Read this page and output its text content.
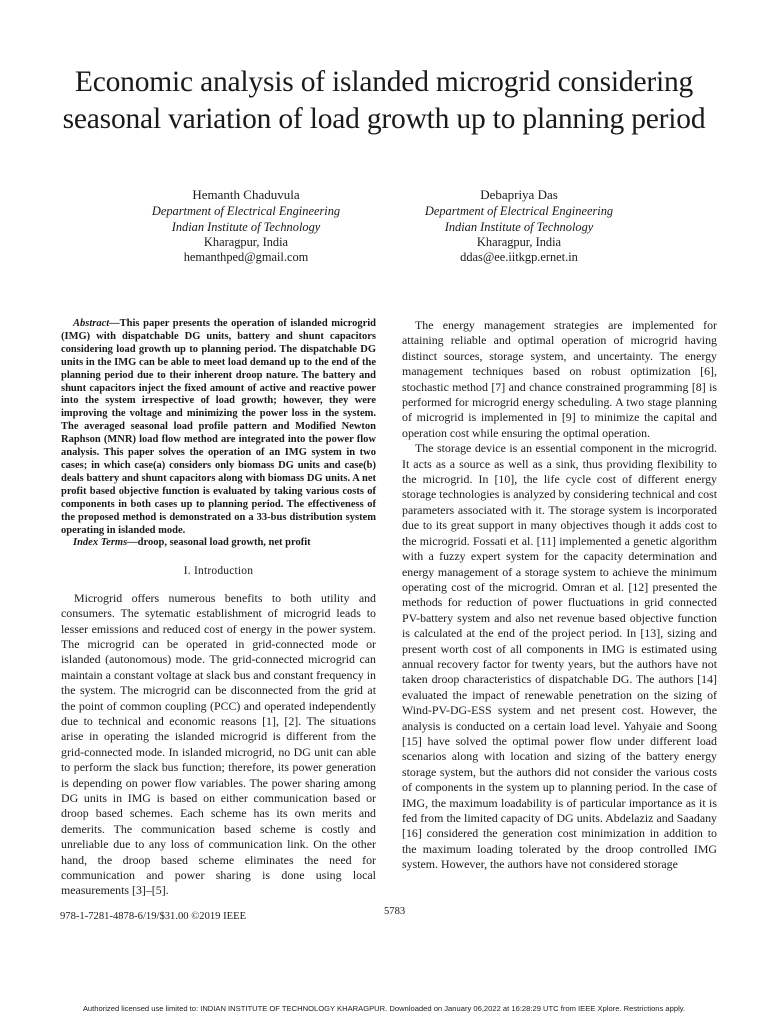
Economic analysis of islanded microgrid considering seasonal variation of load growth up to planning period
Hemanth Chaduvula
Department of Electrical Engineering
Indian Institute of Technology
Kharagpur, India
hemanthped@gmail.com
Debapriya Das
Department of Electrical Engineering
Indian Institute of Technology
Kharagpur, India
ddas@ee.iitkgp.ernet.in

Abstract—This paper presents the operation of islanded microgrid (IMG) with dispatchable DG units, battery and shunt capacitors considering load growth up to planning period. The dispatchable DG units in the IMG can be able to meet load demand up to the end of the planning period due to their inherent droop nature. The battery and shunt capacitors inject the fixed amount of active and reactive power into the system irrespective of load growth; however, they were improving the voltage and minimizing the power loss in the system. The averaged seasonal load profile pattern and Modified Newton Raphson (MNR) load flow method are integrated into the power flow analysis. This paper solves the operation of an IMG system in two cases; in which case(a) considers only biomass DG units and case(b) deals battery and shunt capacitors along with biomass DG units. A net profit based objective function is evaluated by taking various costs of components in both cases up to planning period. The effectiveness of the proposed method is demonstrated on a 33-bus distribution system operating in islanded mode.

Index Terms—droop, seasonal load growth, net profit

I. Introduction

Microgrid offers numerous benefits to both utility and consumers. The sytematic establishment of microgrid leads to lesser emissions and reduced cost of energy in the power system. The microgrid can be operated in grid-connected mode or islanded (autonomous) mode. The grid-connected microgrid can maintain a constant voltage at slack bus and constant frequency in the system. The microgrid can be disconnected from the grid at the point of common coupling (PCC) and operated independently due to technical and economic reasons [1], [2]. The situations arise in operating the islanded microgrid is different from the grid-connected mode. In islanded microgrid, no DG unit can able to perform the slack bus function; therefore, its power generation is depending on power flow variables. The power sharing among DG units in IMG is based on either communication based or droop based schemes. Each scheme has its own merits and demerits. The communication based scheme is costly and unreliable due to any loss of communication link. On the other hand, the droop based scheme eliminates the need for communication and power sharing is done using local measurements [3]–[5].

The energy management strategies are implemented for attaining reliable and optimal operation of microgrid having distinct sources, storage system, and uncertainty. The energy management techniques based on robust optimization [6], stochastic method [7] and chance constrained programming [8] is performed for microgrid energy scheduling. A two stage planning of microgrid is implemented in [9] to minimize the capital and operation cost while ensuring the optimal operation.

The storage device is an essential component in the microgrid. It acts as a source as well as a sink, thus providing flexibility to the microgrid. In [10], the life cycle cost of different energy storage technologies is analyzed by considering technical and cost parameters associated with it. The storage system is incorporated due to its great support in many objectives though it adds cost to the microgrid. Fossati et al. [11] implemented a genetic algorithm with a fuzzy expert system for the capacity determination and energy management of a storage system to achieve the minimum operating cost of the microgrid. Omran et al. [12] presented the methods for reduction of power fluctuations in grid connected PV-battery system and also net revenue based objective function is calculated at the end of the project period. In [13], sizing and present worth cost of all components in IMG is estimated using annual recovery factor for twenty years, but the authors have not taken droop characteristics of dispatchable DG. The authors [14] evaluated the impact of renewable penetration on the sizing of Wind-PV-DG-ESS system and net present cost. However, the analysis is conducted on a certain load level. Yahyaie and Soong [15] have solved the optimal power flow under different load scenarios along with location and sizing of the battery energy storage system, but the authors did not consider the various costs of components in the system up to planning period. In the case of IMG, the maximum loadability is of particular importance as it is fed from the limited capacity of DG units. Abdelaziz and Saadany [16] considered the generation cost minimization in addition to the maximum loading tolerated by the droop controlled IMG system. However, the authors have not considered storage

978-1-7281-4878-6/19/$31.00 ©2019 IEEE	5783
Authorized licensed use limited to: INDIAN INSTITUTE OF TECHNOLOGY KHARAGPUR. Downloaded on January 06,2022 at 16:28:29 UTC from IEEE Xplore. Restrictions apply.
